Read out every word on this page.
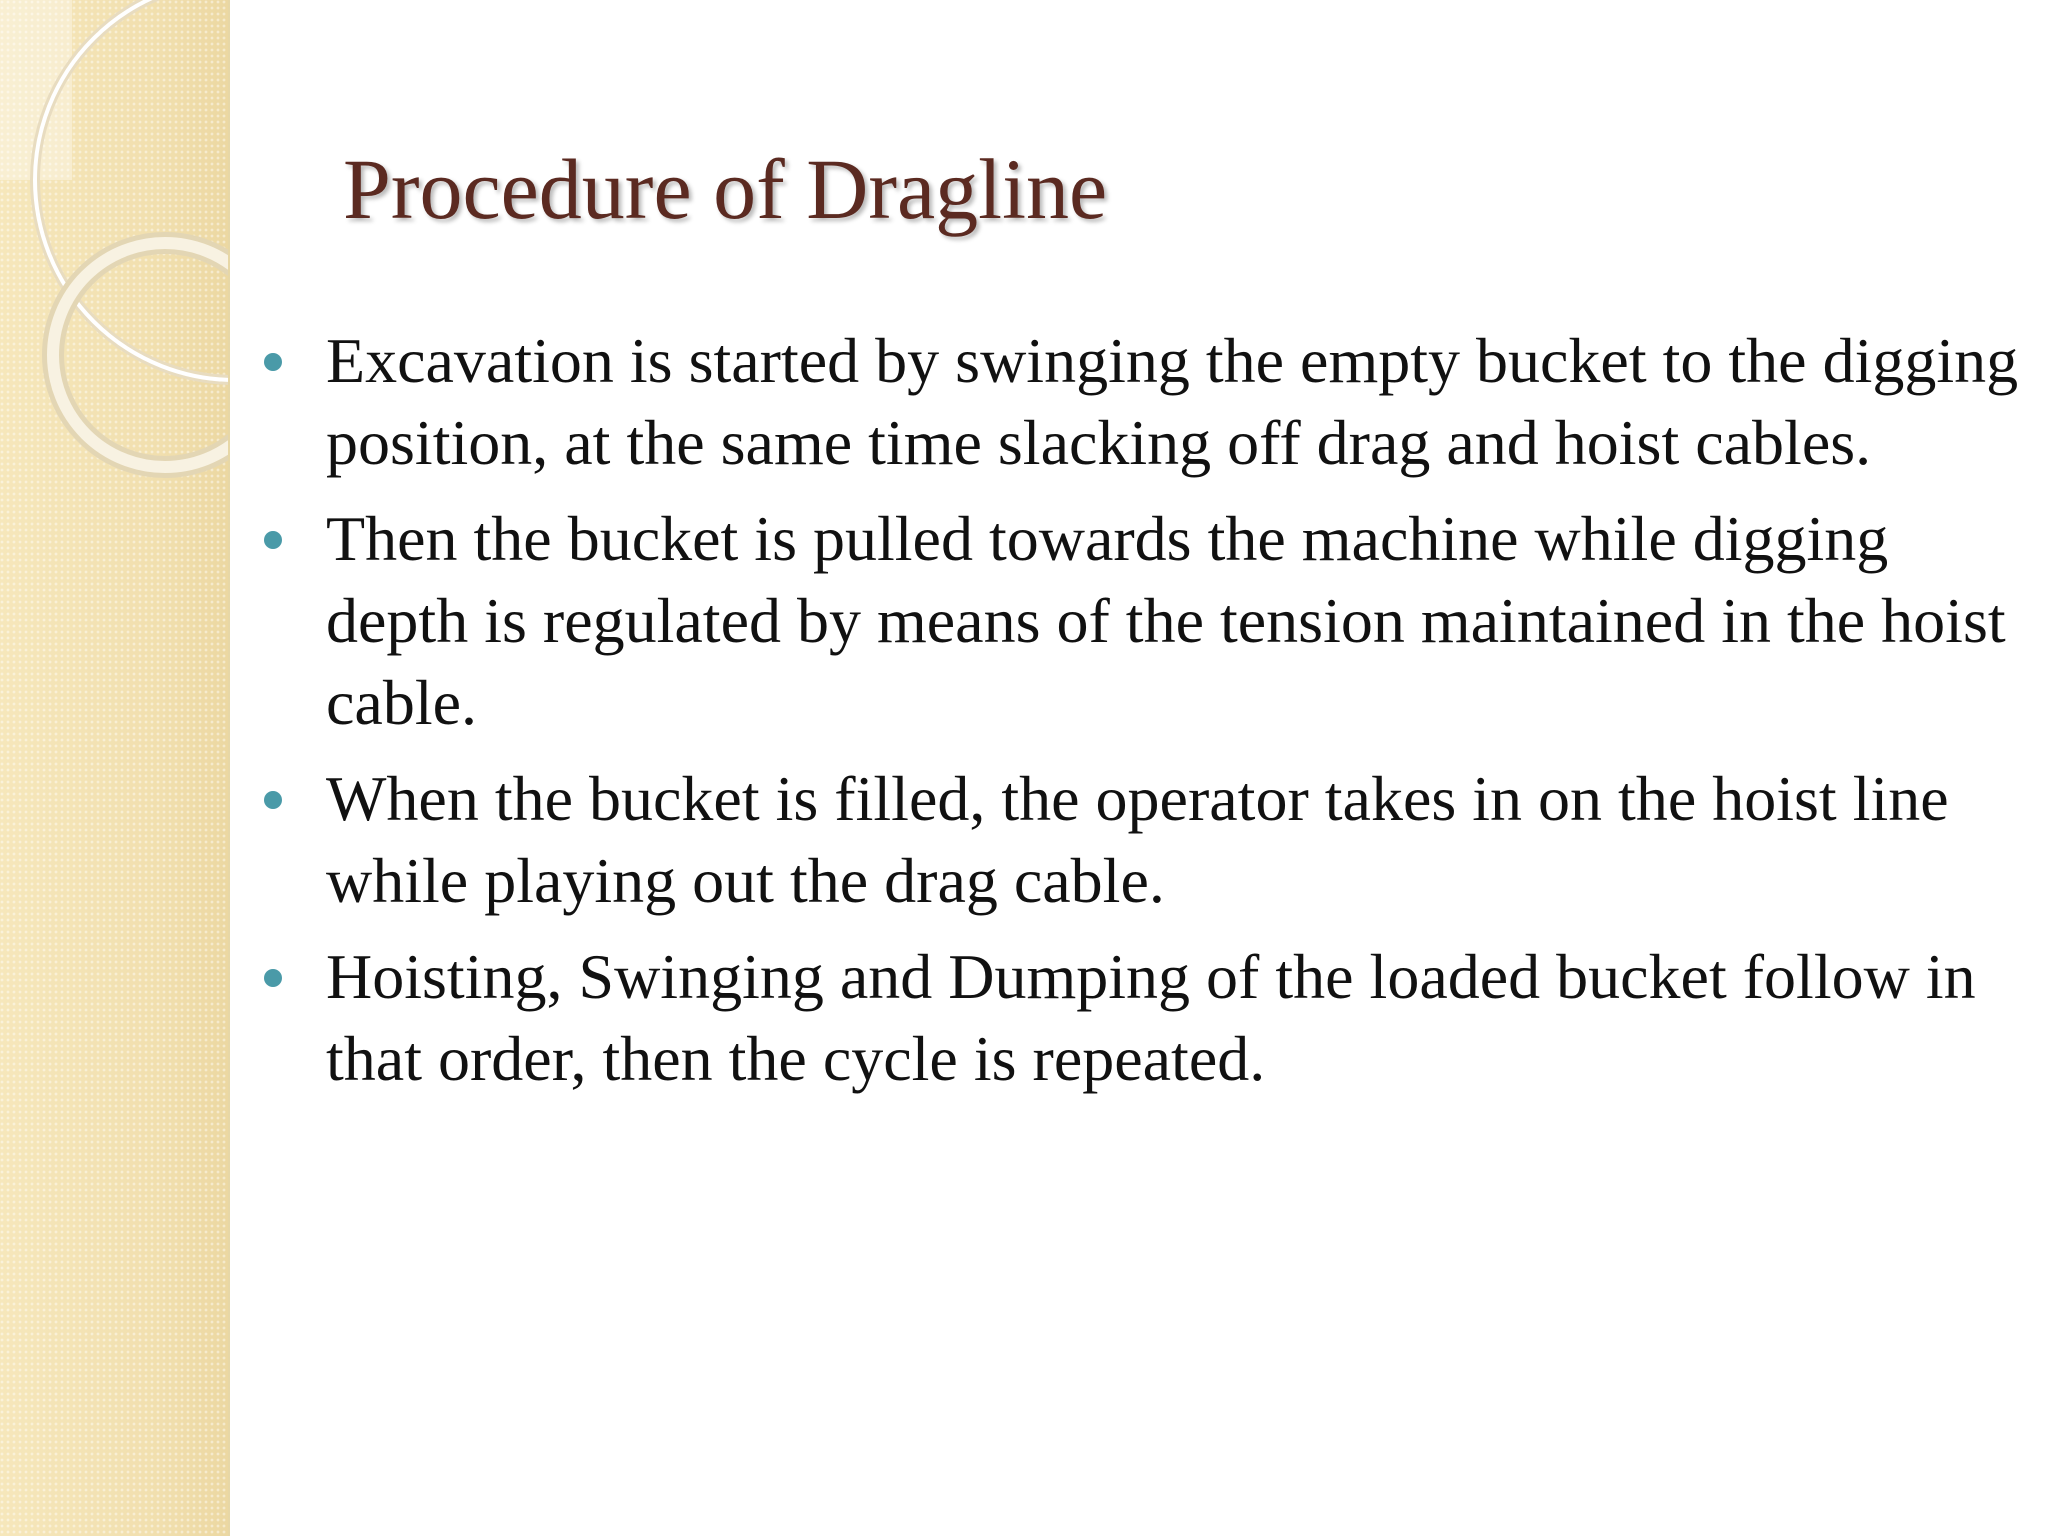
Procedure of Dragline
Excavation is started by swinging the empty bucket to the digging position, at the same time slacking off drag and hoist cables.
Then the bucket is pulled towards the machine while digging depth is regulated by means of the tension maintained in the hoist cable.
When the bucket is filled, the operator takes in on the hoist line while playing out the drag cable.
Hoisting, Swinging and Dumping of the loaded bucket follow in that order, then the cycle is repeated.
